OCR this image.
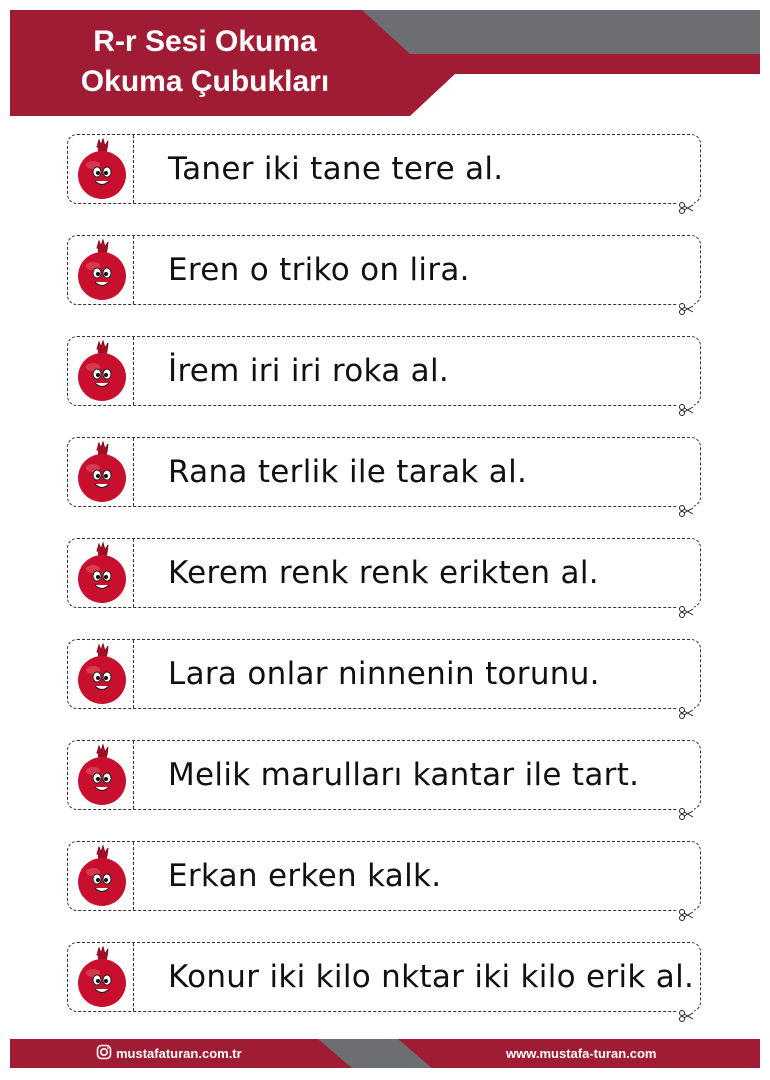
R-r Sesi Okuma
Okuma Çubukları
Taner iki tane tere al.
Eren o triko on lira.
İrem iri iri roka al.
Rana terlik ile tarak al.
Kerem renk renk erikten al.
Lara onlar ninnenin torunu.
Melik marulları kantar ile tart.
Erkan erken kalk.
Konur iki kilo nktar iki kilo erik al.
mustafaturan.com.tr	www.mustafa-turan.com
